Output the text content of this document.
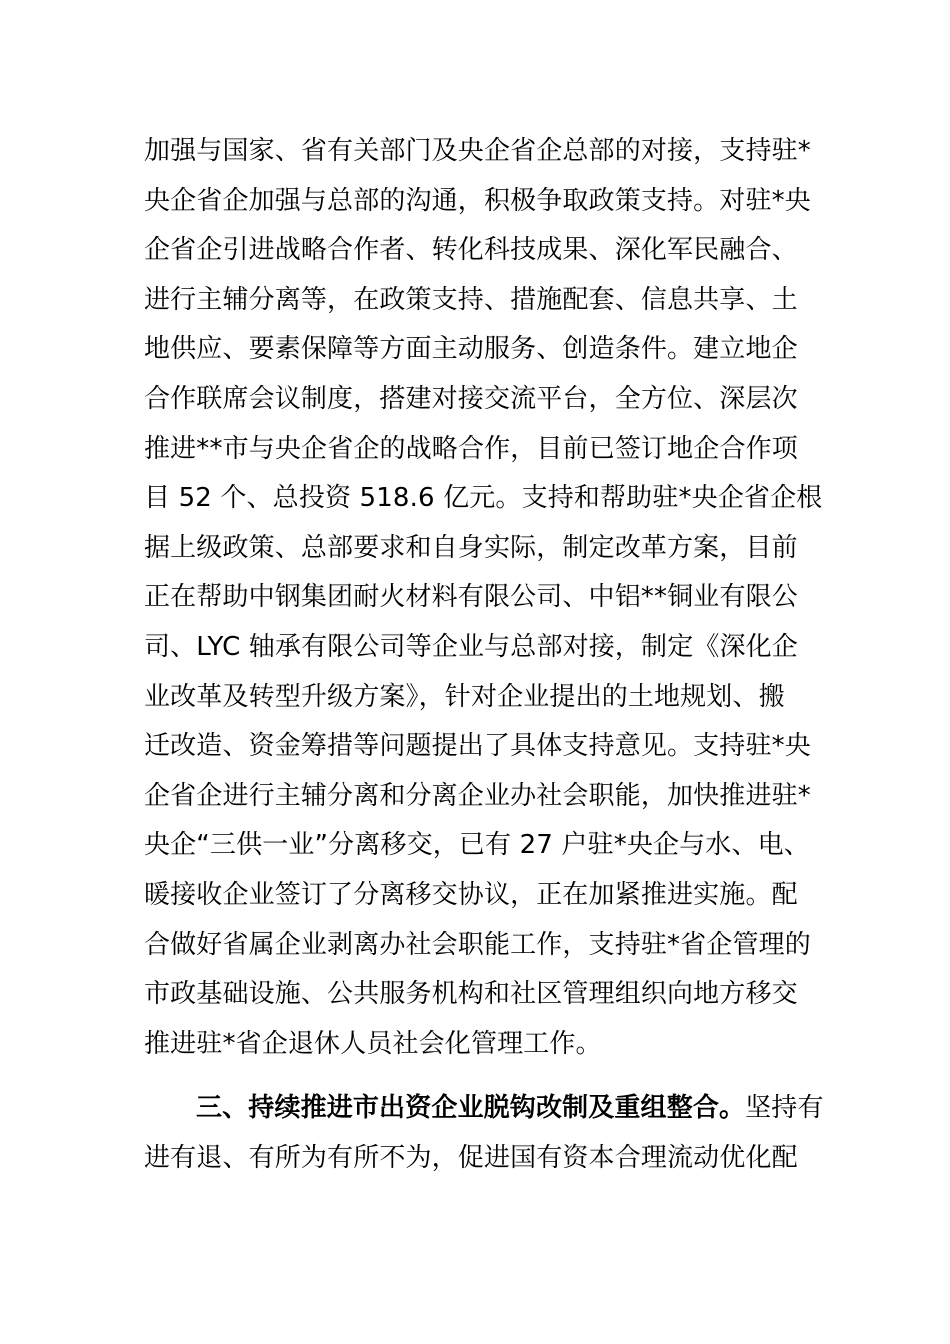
加强与国家、省有关部门及央企省企总部的对接，支持驻*
央企省企加强与总部的沟通，积极争取政策支持。对驻*央
企省企引进战略合作者、转化科技成果、深化军民融合、
进行主辅分离等，在政策支持、措施配套、信息共享、土
地供应、要素保障等方面主动服务、创造条件。建立地企
合作联席会议制度，搭建对接交流平台，全方位、深层次
推进**市与央企省企的战略合作，目前已签订地企合作项
目 52 个、总投资 518.6 亿元。支持和帮助驻*央企省企根
据上级政策、总部要求和自身实际，制定改革方案，目前
正在帮助中钢集团耐火材料有限公司、中铝**铜业有限公
司、LYC 轴承有限公司等企业与总部对接，制定《深化企
业改革及转型升级方案》，针对企业提出的土地规划、搬
迁改造、资金筹措等问题提出了具体支持意见。支持驻*央
企省企进行主辅分离和分离企业办社会职能，加快推进驻*
央企“三供一业”分离移交，已有 27 户驻*央企与水、电、
暖接收企业签订了分离移交协议，正在加紧推进实施。配
合做好省属企业剥离办社会职能工作，支持驻*省企管理的
市政基础设施、公共服务机构和社区管理组织向地方移交
推进驻*省企退休人员社会化管理工作。
三、持续推进市出资企业脱钩改制及重组整合。坚持有
进有退、有所为有所不为，促进国有资本合理流动优化配
